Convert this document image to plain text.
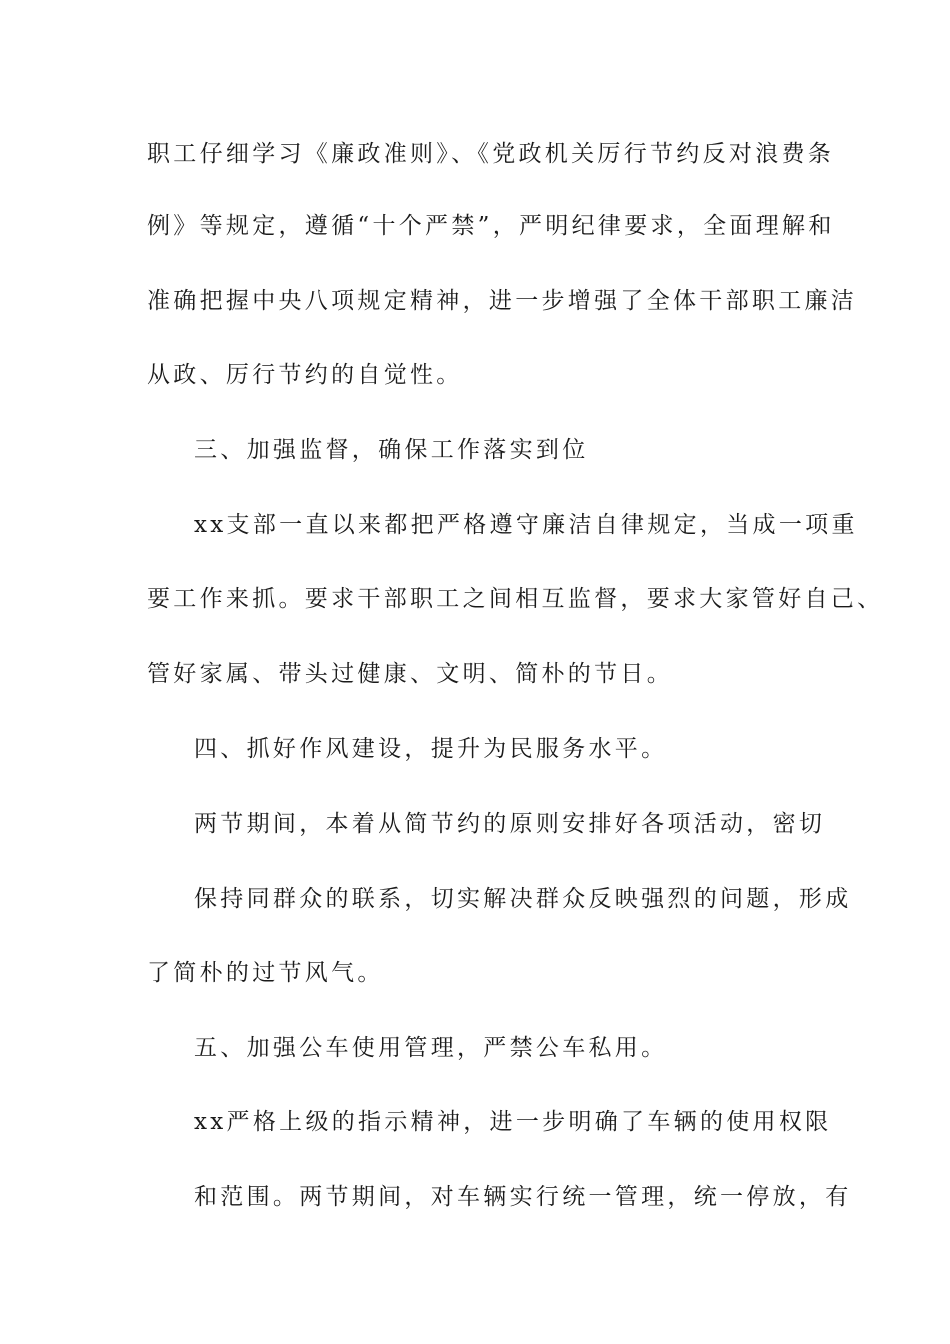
职工仔细学习《廉政准则》、《党政机关厉行节约反对浪费条
例》等规定，遵循“十个严禁”，严明纪律要求，全面理解和
准确把握中央八项规定精神，进一步增强了全体干部职工廉洁
从政、厉行节约的自觉性。
三、加强监督，确保工作落实到位
xx支部一直以来都把严格遵守廉洁自律规定，当成一项重
要工作来抓。要求干部职工之间相互监督，要求大家管好自己、
管好家属、带头过健康、文明、简朴的节日。
四、抓好作风建设，提升为民服务水平。
两节期间，本着从简节约的原则安排好各项活动，密切
保持同群众的联系，切实解决群众反映强烈的问题，形成
了简朴的过节风气。
五、加强公车使用管理，严禁公车私用。
xx严格上级的指示精神，进一步明确了车辆的使用权限
和范围。两节期间，对车辆实行统一管理，统一停放，有
